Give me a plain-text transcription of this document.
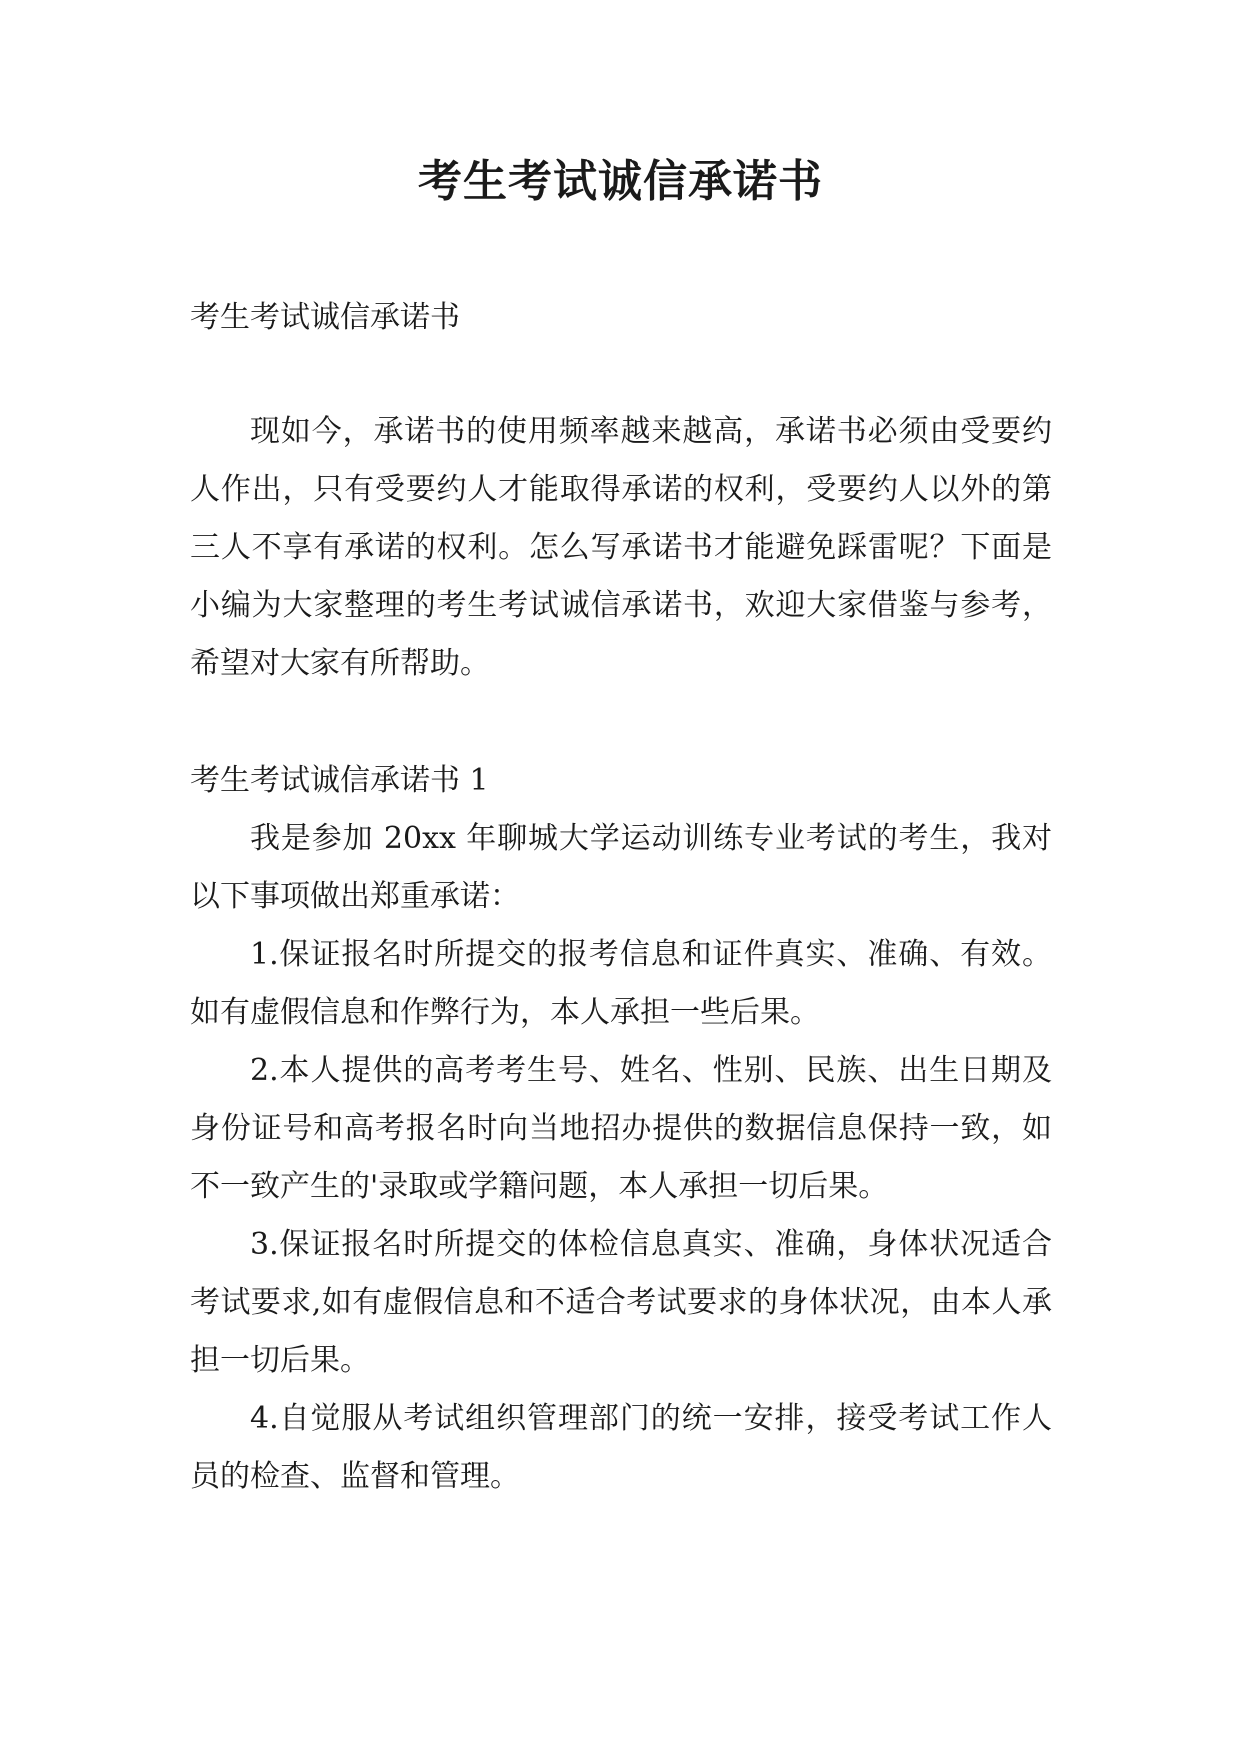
考生考试诚信承诺书
考生考试诚信承诺书

现如今，承诺书的使用频率越来越高，承诺书必须由受要约人作出，只有受要约人才能取得承诺的权利，受要约人以外的第三人不享有承诺的权利。怎么写承诺书才能避免踩雷呢？下面是小编为大家整理的考生考试诚信承诺书，欢迎大家借鉴与参考，希望对大家有所帮助。

考生考试诚信承诺书 1

我是参加 20xx 年聊城大学运动训练专业考试的考生，我对以下事项做出郑重承诺：

1.保证报名时所提交的报考信息和证件真实、准确、有效。如有虚假信息和作弊行为，本人承担一些后果。

2.本人提供的高考考生号、姓名、性别、民族、出生日期及身份证号和高考报名时向当地招办提供的数据信息保持一致，如不一致产生的'录取或学籍问题，本人承担一切后果。

3.保证报名时所提交的体检信息真实、准确，身体状况适合考试要求,如有虚假信息和不适合考试要求的身体状况，由本人承担一切后果。

4.自觉服从考试组织管理部门的统一安排，接受考试工作人员的检查、监督和管理。
